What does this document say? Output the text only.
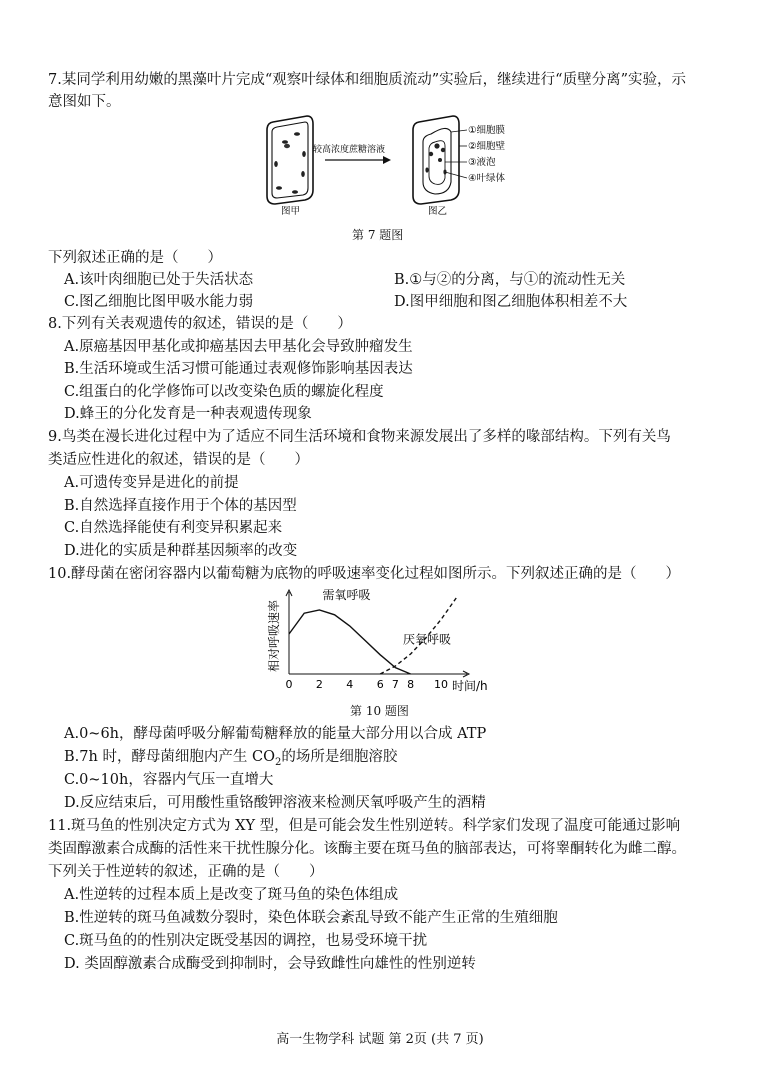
7.某同学利用幼嫩的黑藻叶片完成“观察叶绿体和细胞质流动”实验后，继续进行“质壁分离”实验，示
意图如下。
图甲
较高浓度蔗糖溶液
图乙
①细胞膜
②细胞壁
③液泡
④叶绿体
第 7 题图
下列叙述正确的是（　　）
A.该叶肉细胞已处于失活状态	B.①与②的分离，与①的流动性无关
C.图乙细胞比图甲吸水能力弱	D.图甲细胞和图乙细胞体积相差不大
8.下列有关表观遗传的叙述，错误的是（　　）
A.原癌基因甲基化或抑癌基因去甲基化会导致肿瘤发生
B.生活环境或生活习惯可能通过表观修饰影响基因表达
C.组蛋白的化学修饰可以改变染色质的螺旋化程度
D.蜂王的分化发育是一种表观遗传现象
9.鸟类在漫长进化过程中为了适应不同生活环境和食物来源发展出了多样的喙部结构。下列有关鸟
类适应性进化的叙述，错误的是（　　）
A.可遗传变异是进化的前提
B.自然选择直接作用于个体的基因型
C.自然选择能使有利变异积累起来
D.进化的实质是种群基因频率的改变
10.酵母菌在密闭容器内以葡萄糖为底物的呼吸速率变化过程如图所示。下列叙述正确的是（　　）
相对呼吸速率
时间/h
0 2 4 6 7 8 10
需氧呼吸
厌氧呼吸
第 10 题图
A.0~6h，酵母菌呼吸分解葡萄糖释放的能量大部分用以合成 ATP
B.7h 时，酵母菌细胞内产生 $CO_2$的场所是细胞溶胶
C.0~10h，容器内气压一直增大
D.反应结束后，可用酸性重铬酸钾溶液来检测厌氧呼吸产生的酒精
11.斑马鱼的性别决定方式为 XY 型，但是可能会发生性别逆转。科学家们发现了温度可能通过影响
类固醇激素合成酶的活性来干扰性腺分化。该酶主要在斑马鱼的脑部表达，可将睾酮转化为雌二醇。
下列关于性逆转的叙述，正确的是（　　）
A.性逆转的过程本质上是改变了斑马鱼的染色体组成
B.性逆转的斑马鱼减数分裂时，染色体联会紊乱导致不能产生正常的生殖细胞
C.斑马鱼的的性别决定既受基因的调控，也易受环境干扰
D. 类固醇激素合成酶受到抑制时，会导致雌性向雄性的性别逆转
高一生物学科 试题 第 2页 (共 7 页)
